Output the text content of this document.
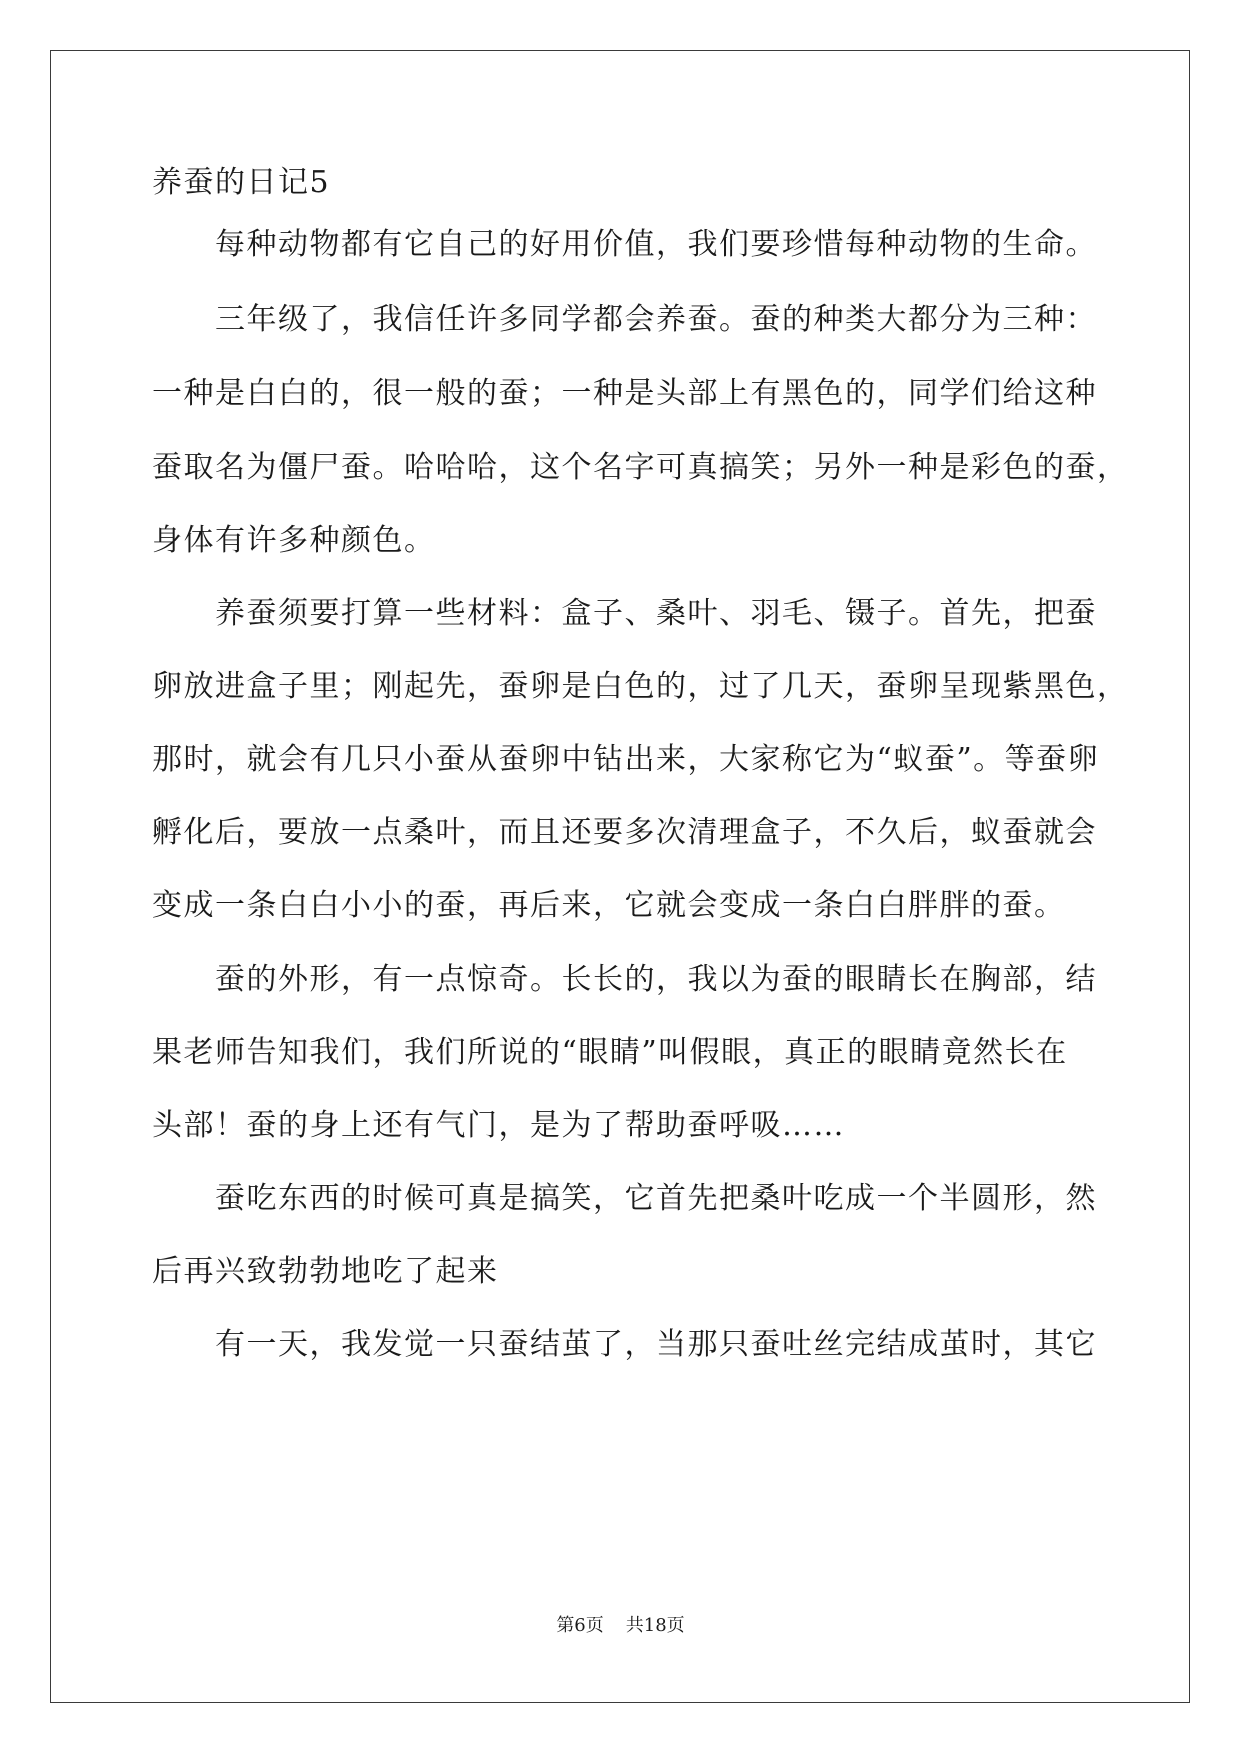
养蚕的日记5
每种动物都有它自己的好用价值，我们要珍惜每种动物的生命。
三年级了，我信任许多同学都会养蚕。蚕的种类大都分为三种：
一种是白白的，很一般的蚕；一种是头部上有黑色的，同学们给这种
蚕取名为僵尸蚕。哈哈哈，这个名字可真搞笑；另外一种是彩色的蚕，
身体有许多种颜色。
养蚕须要打算一些材料：盒子、桑叶、羽毛、镊子。首先，把蚕
卵放进盒子里；刚起先，蚕卵是白色的，过了几天，蚕卵呈现紫黑色，
那时，就会有几只小蚕从蚕卵中钻出来，大家称它为“蚁蚕”。等蚕卵
孵化后，要放一点桑叶，而且还要多次清理盒子，不久后，蚁蚕就会
变成一条白白小小的蚕，再后来，它就会变成一条白白胖胖的蚕。
蚕的外形，有一点惊奇。长长的，我以为蚕的眼睛长在胸部，结
果老师告知我们，我们所说的“眼睛”叫假眼，真正的眼睛竟然长在
头部！蚕的身上还有气门，是为了帮助蚕呼吸……
蚕吃东西的时候可真是搞笑，它首先把桑叶吃成一个半圆形，然
后再兴致勃勃地吃了起来
有一天，我发觉一只蚕结茧了，当那只蚕吐丝完结成茧时，其它
第6页 共18页
